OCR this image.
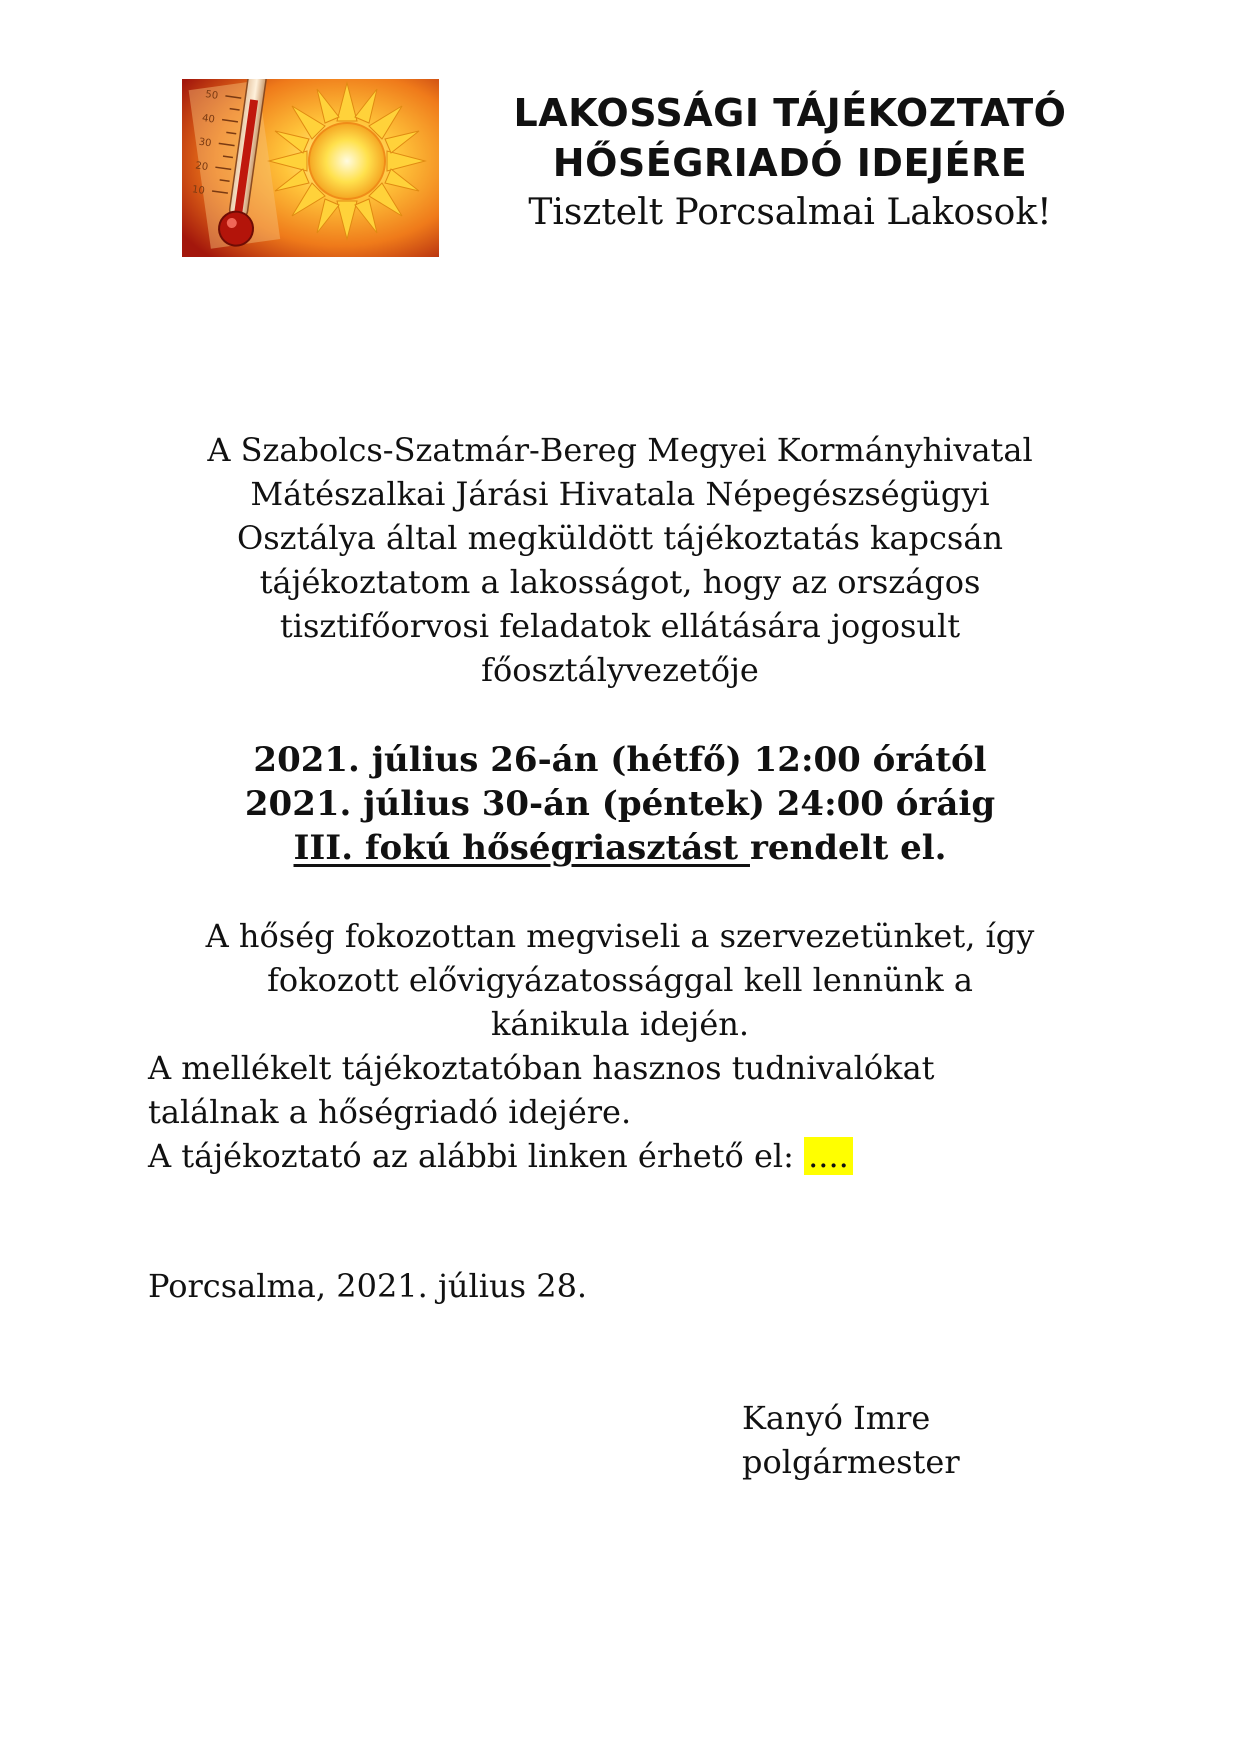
50
40
30
20
10
LAKOSSÁGI TÁJÉKOZTATÓ
HŐSÉGRIADÓ IDEJÉRE
Tisztelt Porcsalmai Lakosok!
A Szabolcs-Szatmár-Bereg Megyei Kormányhivatal
Mátészalkai Járási Hivatala Népegészségügyi
Osztálya által megküldött tájékoztatás kapcsán
tájékoztatom a lakosságot, hogy az országos
tisztifőorvosi feladatok ellátására jogosult
főosztályvezetője
2021. július 26-án (hétfő) 12:00 órától
2021. július 30-án (péntek) 24:00 óráig
III. fokú hőségriasztást rendelt el.
A hőség fokozottan megviseli a szervezetünket, így
fokozott elővigyázatossággal kell lennünk a
kánikula idején.
A mellékelt tájékoztatóban hasznos tudnivalókat
találnak a hőségriadó idejére.
A tájékoztató az alábbi linken érhető el: ....
Porcsalma, 2021. július 28.
Kanyó Imre
polgármester
